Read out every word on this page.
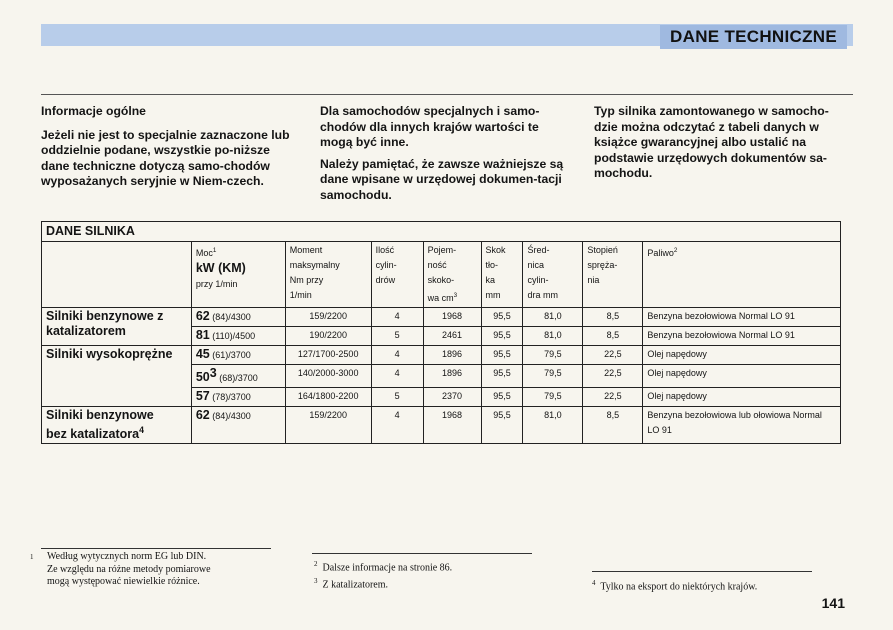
DANE TECHNICZNE

Informacje ogólne

Jeżeli nie jest to specjalnie zaznaczone lub oddzielnie podane, wszystkie po-niższe dane techniczne dotyczą samo-chodów wyposażanych seryjnie w Niem-czech.

Dla samochodów specjalnych i samo-chodów dla innych krajów wartości te mogą być inne.

Należy pamiętać, że zawsze ważniejsze są dane wpisane w urzędowej dokumen-tacji samochodu.

Typ silnika zamontowanego w samocho-dzie można odczytać z tabeli danych w książce gwarancyjnej albo ustalić na podstawie urzędowych dokumentów sa-mochodu.

DANE SILNIKA								
	Moc$^1$
kW (KM)
przy 1/min	Moment
maksymalny
Nm przy
1/min	Ilość
cylin-
drów	Pojem-
ność
skoko-
wa $cm^3$	Skok
tło-
ka
mm	Śred-
nica
cylin-
dra mm	Stopień
spręża-
nia	Paliwo$^2$
Silniki benzynowe z katalizatorem	62 (84)/4300	159/2200	4	1968	95,5	81,0	8,5	Benzyna bezołowiowa Normal LO 91
	81 (110)/4500	190/2200	5	2461	95,5	81,0	8,5	Benzyna bezołowiowa Normal LO 91
Silniki wysokoprężne	45 (61)/3700	127/1700-2500	4	1896	95,5	79,5	22,5	Olej napędowy
	$50^3$ (68)/3700	140/2000-3000	4	1896	95,5	79,5	22,5	Olej napędowy
	57 (78)/3700	164/1800-2200	5	2370	95,5	79,5	22,5	Olej napędowy
Silniki benzynowe
bez katalizatora$^4$	62 (84)/4300	159/2200	4	1968	95,5	81,0	8,5	Benzyna bezołowiowa lub ołowiowa Normal LO 91
$^1$ Według wytycznych norm EG lub DIN.
Ze względu na różne metody pomiarowe
mogą występować niewielkie różnice.
$^2$ Dalsze informacje na stronie 86.
$^3$ Z katalizatorem.	$^4$ Tylko na eksport do niektórych krajów.
141
